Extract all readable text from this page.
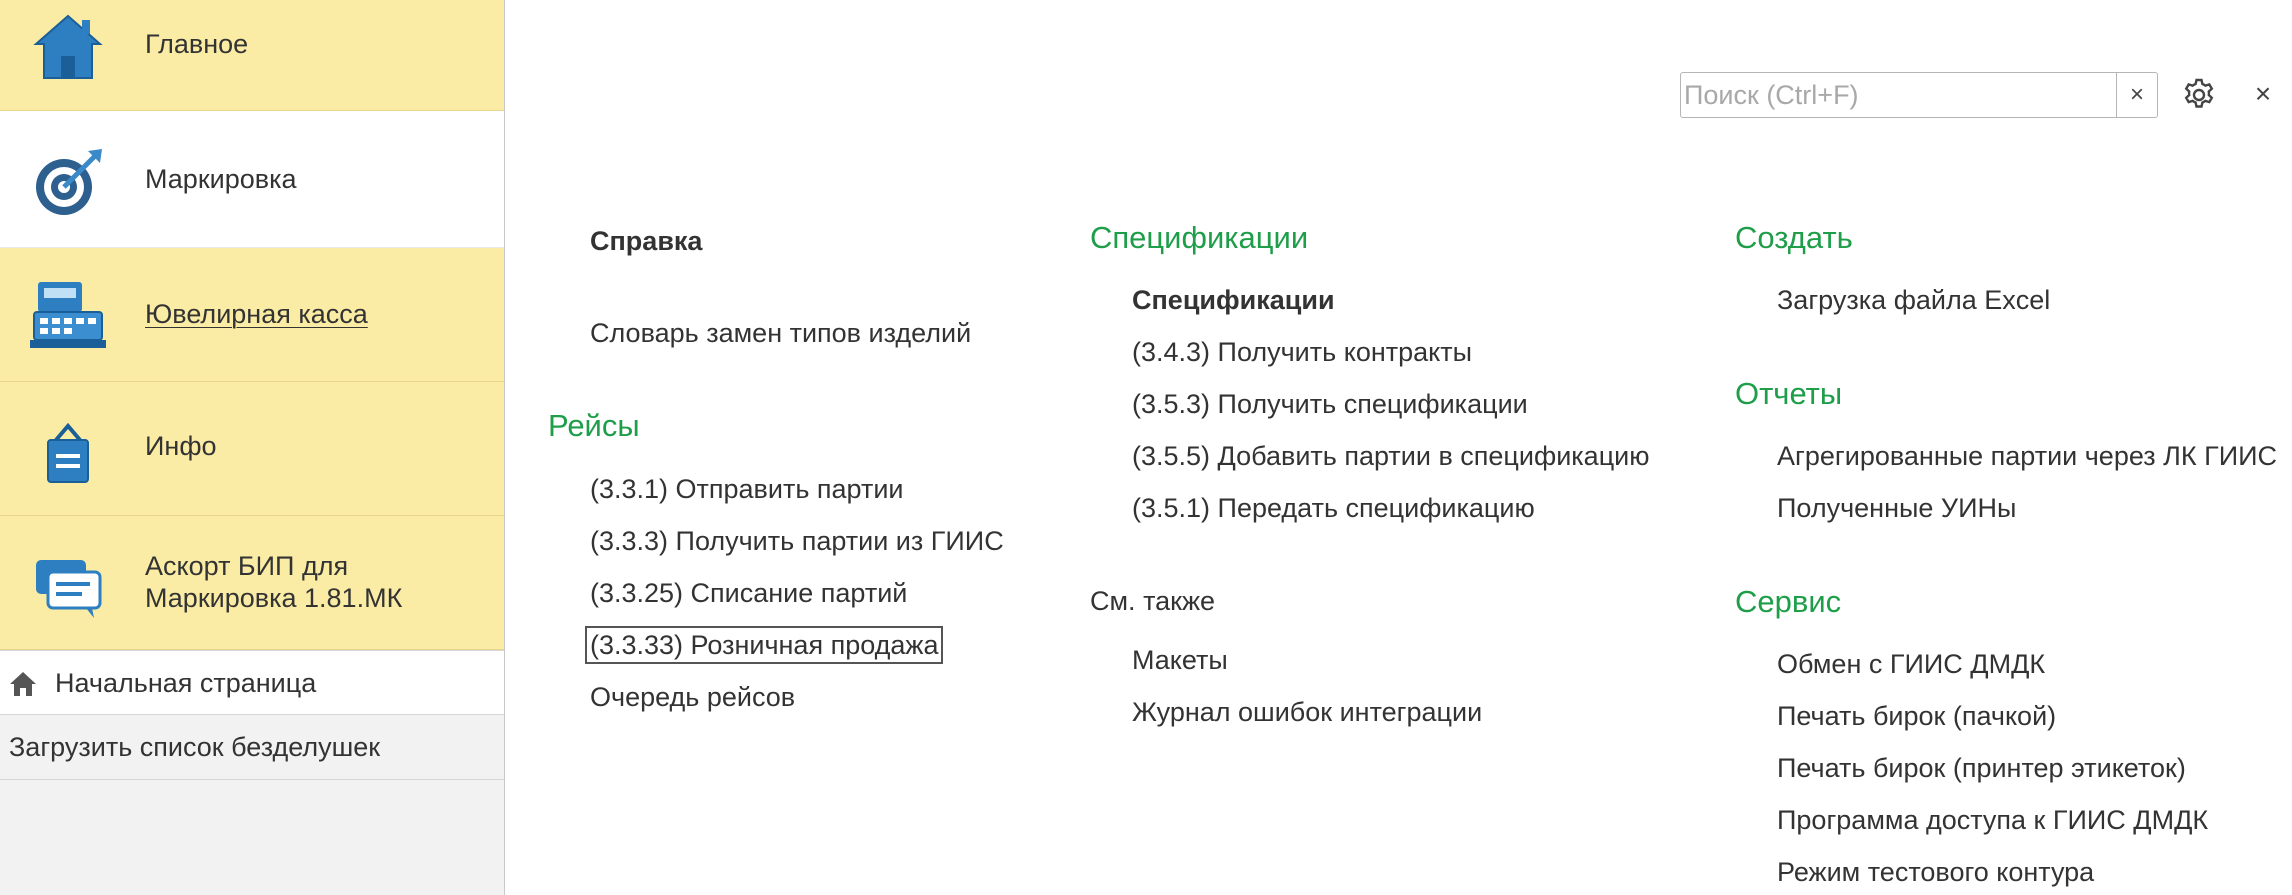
Главное
Маркировка
Ювелирная касса
Инфо
Аскорт БИП для
Маркировка 1.81.МК
Начальная страница
Загрузить список безделушек
Поиск (Ctrl+F)
×	×
Справка
Словарь замен типов изделий
Рейсы
(3.3.1) Отправить партии
(3.3.3) Получить партии из ГИИС
(3.3.25) Списание партий
(3.3.33) Розничная продажа
Очередь рейсов
Спецификации
Спецификации
(3.4.3) Получить контракты
(3.5.3) Получить спецификации
(3.5.5) Добавить партии в спецификацию
(3.5.1) Передать спецификацию
См. также
Макеты
Журнал ошибок интеграции
Создать
Загрузка файла Excel
Отчеты
Агрегированные партии через ЛК ГИИС
Полученные УИНы
Сервис
Обмен с ГИИС ДМДК
Печать бирок (пачкой)
Печать бирок (принтер этикеток)
Программа доступа к ГИИС ДМДК
Режим тестового контура
